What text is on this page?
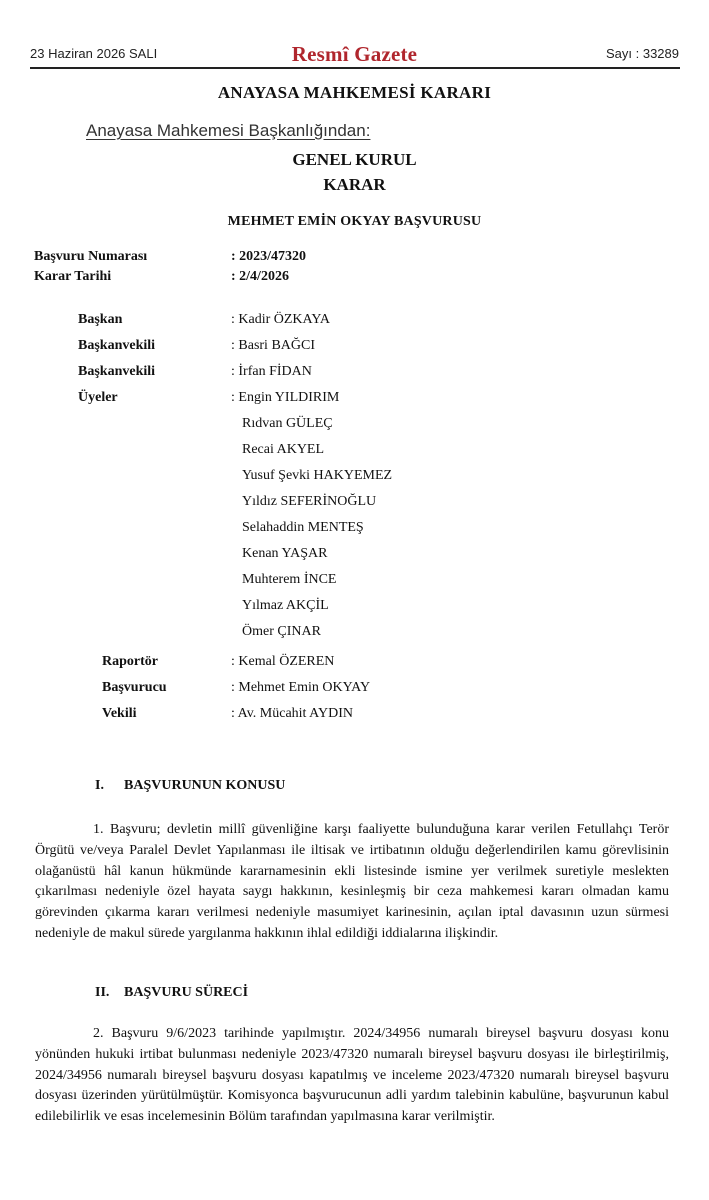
23 Haziran 2026 SALI	Resmî Gazete	Sayı : 33289
ANAYASA MAHKEMESİ KARARI
Anayasa Mahkemesi Başkanlığından:
GENEL KURUL
KARAR
MEHMET EMİN OKYAY BAŞVURUSU
Başvuru Numarası	: 2023/47320
Karar Tarihi	: 2/4/2026
Başkan	: Kadir ÖZKAYA
Başkanvekili	: Basri BAĞCI
Başkanvekili	: İrfan FİDAN
Üyeler	: Engin YILDIRIM
Rıdvan GÜLEÇ
Recai AKYEL
Yusuf Şevki HAKYEMEZ
Yıldız SEFERİNOĞLU
Selahaddin MENTEŞ
Kenan YAŞAR
Muhterem İNCE
Yılmaz AKÇİL
Ömer ÇINAR
Raportör	: Kemal ÖZEREN
Başvurucu	: Mehmet Emin OKYAY
Vekili	: Av. Mücahit AYDIN
I. BAŞVURUNUN KONUSU

1. Başvuru; devletin millî güvenliğine karşı faaliyette bulunduğuna karar verilen Fetullahçı Terör Örgütü ve/veya Paralel Devlet Yapılanması ile iltisak ve irtibatının olduğu değerlendirilen kamu görevlisinin olağanüstü hâl kanun hükmünde kararnamesinin ekli listesinde ismine yer verilmek suretiyle meslekten çıkarılması nedeniyle özel hayata saygı hakkının, kesinleşmiş bir ceza mahkemesi kararı olmadan kamu görevinden çıkarma kararı verilmesi nedeniyle masumiyet karinesinin, açılan iptal davasının uzun sürmesi nedeniyle de makul sürede yargılanma hakkının ihlal edildiği iddialarına ilişkindir.

II. BAŞVURU SÜRECİ

2. Başvuru 9/6/2023 tarihinde yapılmıştır. 2024/34956 numaralı bireysel başvuru dosyası konu yönünden hukuki irtibat bulunması nedeniyle 2023/47320 numaralı bireysel başvuru dosyası ile birleştirilmiş, 2024/34956 numaralı bireysel başvuru dosyası kapatılmış ve inceleme 2023/47320 numaralı bireysel başvuru dosyası üzerinden yürütülmüştür. Komisyonca başvurucunun adli yardım talebinin kabulüne, başvurunun kabul edilebilirlik ve esas incelemesinin Bölüm tarafından yapılmasına karar verilmiştir.
